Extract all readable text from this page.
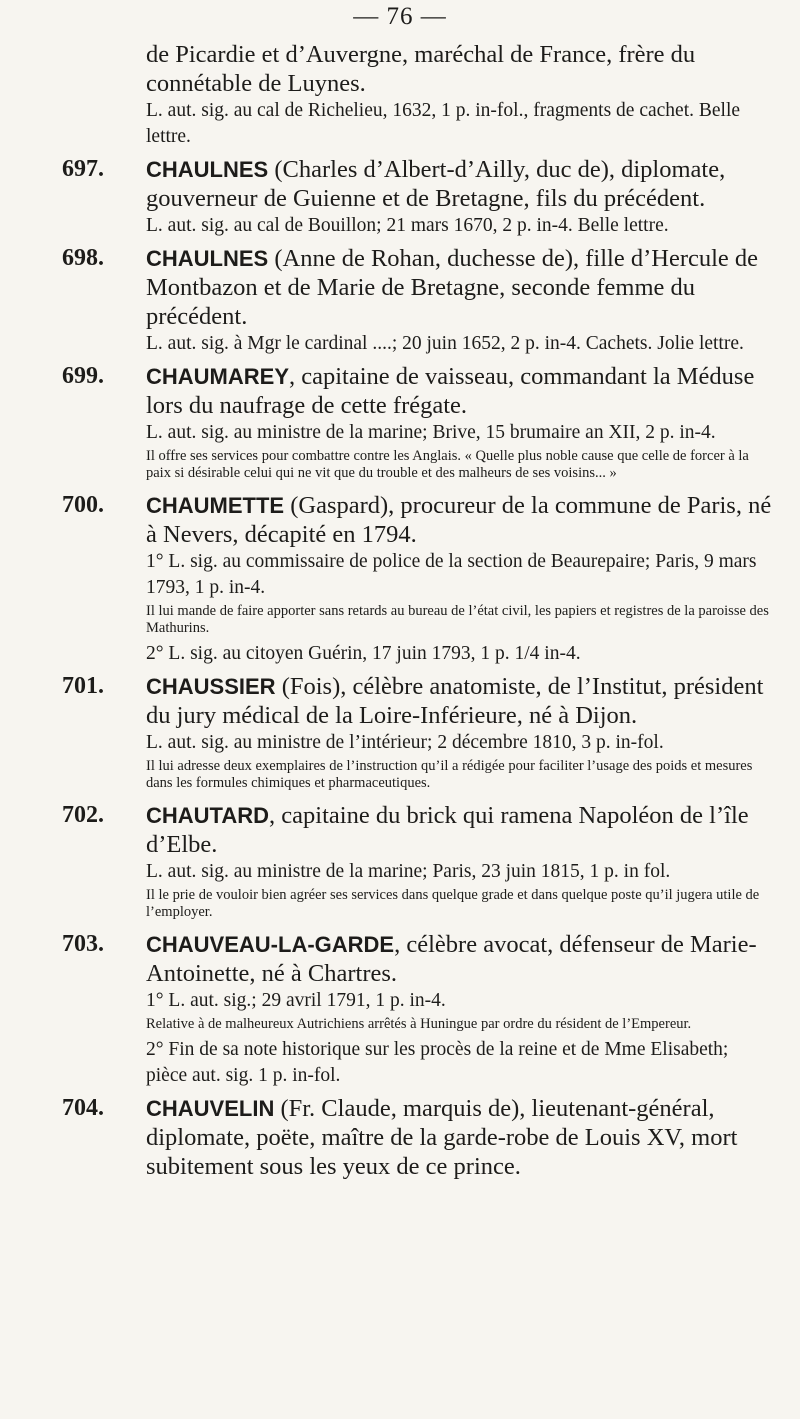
— 76 —

de Picardie et d’Auvergne, maréchal de France, frère du connétable de Luynes.

L. aut. sig. au cal de Richelieu, 1632, 1 p. in-fol., fragments de cachet. Belle lettre.

697. CHAULNES (Charles d’Albert-d’Ailly, duc de), diplomate, gouverneur de Guienne et de Bretagne, fils du précédent.

L. aut. sig. au cal de Bouillon; 21 mars 1670, 2 p. in-4. Belle lettre.

698. CHAULNES (Anne de Rohan, duchesse de), fille d’Hercule de Montbazon et de Marie de Bretagne, seconde femme du précédent.

L. aut. sig. à Mgr le cardinal ....; 20 juin 1652, 2 p. in-4. Cachets. Jolie lettre.

699. CHAUMAREY, capitaine de vaisseau, commandant la Méduse lors du naufrage de cette frégate.

L. aut. sig. au ministre de la marine; Brive, 15 brumaire an XII, 2 p. in-4.

Il offre ses services pour combattre contre les Anglais. « Quelle plus noble cause que celle de forcer à la paix si désirable celui qui ne vit que du trouble et des malheurs de ses voisins... »

700. CHAUMETTE (Gaspard), procureur de la commune de Paris, né à Nevers, décapité en 1794.

1° L. sig. au commissaire de police de la section de Beaurepaire; Paris, 9 mars 1793, 1 p. in-4.

Il lui mande de faire apporter sans retards au bureau de l’état civil, les papiers et registres de la paroisse des Mathurins.

2° L. sig. au citoyen Guérin, 17 juin 1793, 1 p. 1/4 in-4.

701. CHAUSSIER (Fois), célèbre anatomiste, de l’Institut, président du jury médical de la Loire-Inférieure, né à Dijon.

L. aut. sig. au ministre de l’intérieur; 2 décembre 1810, 3 p. in-fol.

Il lui adresse deux exemplaires de l’instruction qu’il a rédigée pour faciliter l’usage des poids et mesures dans les formules chimiques et pharmaceutiques.

702. CHAUTARD, capitaine du brick qui ramena Napoléon de l’île d’Elbe.

L. aut. sig. au ministre de la marine; Paris, 23 juin 1815, 1 p. in fol.

Il le prie de vouloir bien agréer ses services dans quelque grade et dans quelque poste qu’il jugera utile de l’employer.

703. CHAUVEAU-LA-GARDE, célèbre avocat, défenseur de Marie-Antoinette, né à Chartres.

1° L. aut. sig.; 29 avril 1791, 1 p. in-4.

Relative à de malheureux Autrichiens arrêtés à Huningue par ordre du résident de l’Empereur.

2° Fin de sa note historique sur les procès de la reine et de Mme Elisabeth; pièce aut. sig. 1 p. in-fol.

704. CHAUVELIN (Fr. Claude, marquis de), lieutenant-général, diplomate, poëte, maître de la garde-robe de Louis XV, mort subitement sous les yeux de ce prince.
